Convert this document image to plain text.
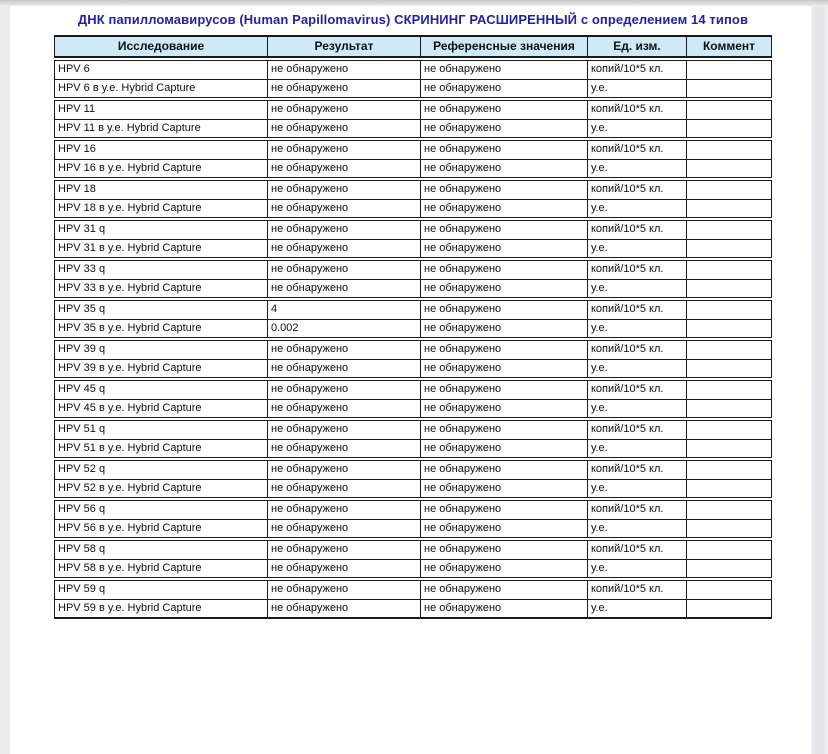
ДНК папилломавирусов (Human Papillomavirus) СКРИНИНГ РАСШИРЕННЫЙ с определением 14 типов
Исследование	Результат	Референсные значения	Ед. изм.	Коммент
HPV 6	не обнаружено	не обнаружено	копий/10*5 кл.
HPV 6 в у.е. Hybrid Capture	не обнаружено	не обнаружено	у.е.
HPV 11	не обнаружено	не обнаружено	копий/10*5 кл.
HPV 11 в у.е. Hybrid Capture	не обнаружено	не обнаружено	у.е.
HPV 16	не обнаружено	не обнаружено	копий/10*5 кл.
HPV 16 в у.е. Hybrid Capture	не обнаружено	не обнаружено	у.е.
HPV 18	не обнаружено	не обнаружено	копий/10*5 кл.
HPV 18 в у.е. Hybrid Capture	не обнаружено	не обнаружено	у.е.
HPV 31 q	не обнаружено	не обнаружено	копий/10*5 кл.
HPV 31 в у.е. Hybrid Capture	не обнаружено	не обнаружено	у.е.
HPV 33 q	не обнаружено	не обнаружено	копий/10*5 кл.
HPV 33 в у.е. Hybrid Capture	не обнаружено	не обнаружено	у.е.
HPV 35 q	4	не обнаружено	копий/10*5 кл.
HPV 35 в у.е. Hybrid Capture	0.002	не обнаружено	у.е.
HPV 39 q	не обнаружено	не обнаружено	копий/10*5 кл.
HPV 39 в у.е. Hybrid Capture	не обнаружено	не обнаружено	у.е.
HPV 45 q	не обнаружено	не обнаружено	копий/10*5 кл.
HPV 45 в у.е. Hybrid Capture	не обнаружено	не обнаружено	у.е.
HPV 51 q	не обнаружено	не обнаружено	копий/10*5 кл.
HPV 51 в у.е. Hybrid Capture	не обнаружено	не обнаружено	у.е.
HPV 52 q	не обнаружено	не обнаружено	копий/10*5 кл.
HPV 52 в у.е. Hybrid Capture	не обнаружено	не обнаружено	у.е.
HPV 56 q	не обнаружено	не обнаружено	копий/10*5 кл.
HPV 56 в у.е. Hybrid Capture	не обнаружено	не обнаружено	у.е.
HPV 58 q	не обнаружено	не обнаружено	копий/10*5 кл.
HPV 58 в у.е. Hybrid Capture	не обнаружено	не обнаружено	у.е.
HPV 59 q	не обнаружено	не обнаружено	копий/10*5 кл.
HPV 59 в у.е. Hybrid Capture	не обнаружено	не обнаружено	у.е.
